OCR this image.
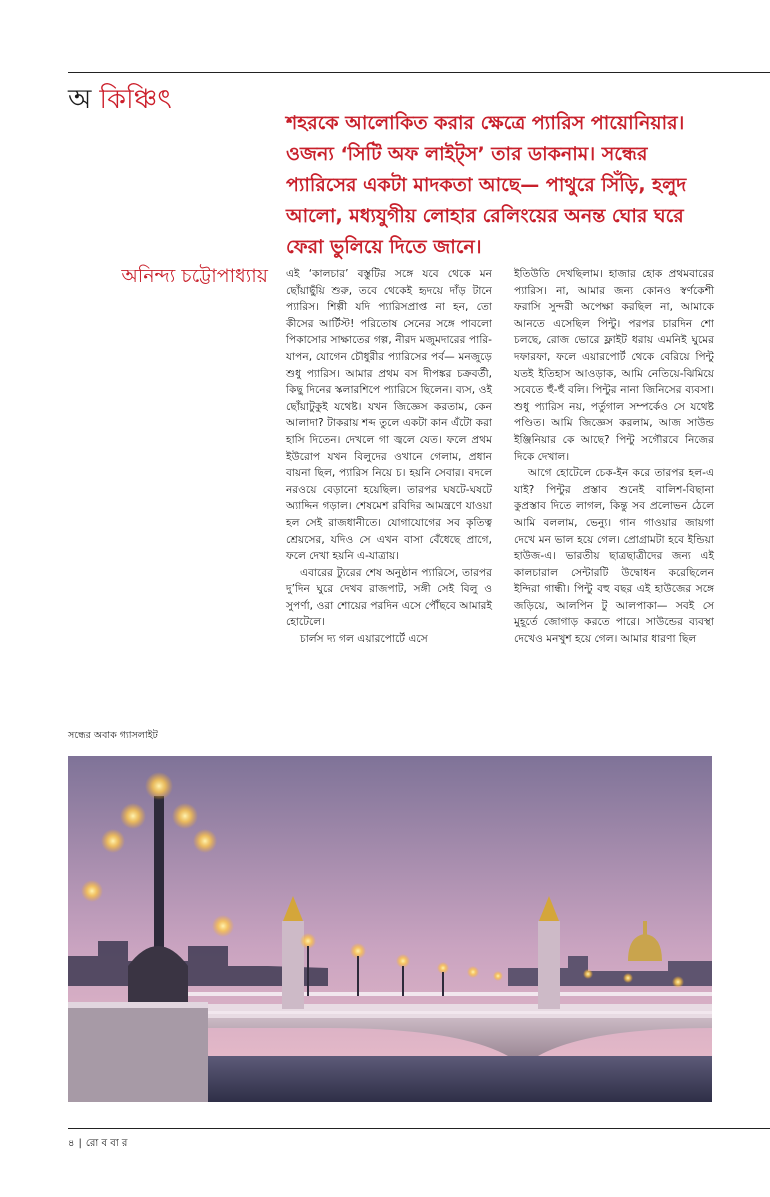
অ কিঞ্চিৎ

শহরকে আলোকিত করার ক্ষেত্রে প্যারিস পায়োনিয়ার। ওজন্য ‘সিটি অফ লাইট্‌স’ তার ডাকনাম। সন্ধের প্যারিসের একটা মাদকতা আছে— পাথুরে সিঁড়ি, হলুদ আলো, মধ্যযুগীয় লোহার রেলিংয়ের অনন্ত ঘোর ঘরে ফেরা ভুলিয়ে দিতে জানে।

অনিন্দ্য চট্টোপাধ্যায় এই ‘কালচার’ বস্তুটির সঙ্গে যবে থেকে মন ছোঁয়াছুঁয়ি শুরু, তবে থেকেই হৃদয়ে দাঁড় টানে প্যারিস। শিল্পী যদি প্যারিসপ্রাপ্ত না হন, তো কীসের আর্টিস্ট! পরিতোষ সেনের সঙ্গে পাবলো পিকাসোর সাক্ষাতের গল্প, নীরদ মজুমদারের পারি-যাপন, যোগেন চৌধুরীর প্যারিসের পর্ব— মনজুড়ে শুধু প্যারিস। আমার প্রথম বস দীপঙ্কর চক্রবর্তী, কিছু দিনের স্কলারশিপে প্যারিসে ছিলেন। ব্যস, ওই ছোঁয়াটুকুই যথেষ্ট। যখন জিজ্ঞেস করতাম, কেন আলাদা? টাকরায় শব্দ তুলে একটা কান এঁটো করা হাসি দিতেন। দেখলে গা জ্বলে যেত। ফলে প্রথম ইউরোপ যখন বিলুদের ওখানে গেলাম, প্রধান বায়না ছিল, প্যারিস নিয়ে চ। হয়নি সেবার। বদলে নরওয়ে বেড়ানো হয়েছিল। তারপর ঘষটে-ঘষটে অ্যাদ্দিন গড়াল। শেষমেশ রবিদির আমন্ত্রণে যাওয়া হল সেই রাজধানীতে। যোগাযোগের সব কৃতিত্ব শ্রেয়সের, যদিও সে এখন বাসা বেঁধেছে প্রাগে, ফলে দেখা হয়নি এ-যাত্রায়।

এবারের ট্যুরের শেষ অনুষ্ঠান প্যারিসে, তারপর দু’দিন ঘুরে দেখব রাজপাট, সঙ্গী সেই বিলু ও সুপর্ণা, ওরা শোয়ের পরদিন এসে পৌঁছবে আমারই হোটেলে।

চার্লস দ্য গল এয়ারপোর্টে এসে

ইতিউতি দেখছিলাম। হাজার হোক প্রথমবারের প্যারিস। না, আমার জন্য কোনও স্বর্ণকেশী ফরাসি সুন্দরী অপেক্ষা করছিল না, আমাকে আনতে এসেছিল পিন্টু। পরপর চারদিন শো চলছে, রোজ ভোরে ফ্লাইট ধরায় এমনিই ঘুমের দফারফা, ফলে এয়ারপোর্ট থেকে বেরিয়ে পিন্টু যতই ইতিহাস আওড়াক, আমি নেতিয়ে-ঝিমিয়ে সবেতে হুঁ-হুঁ বলি। পিন্টুর নানা জিনিসের ব্যবসা। শুধু প্যারিস নয়, পর্তুগাল সম্পর্কেও সে যথেষ্ট পণ্ডিত। আমি জিজ্ঞেস করলাম, আজ সাউন্ড ইঞ্জিনিয়ার কে আছে? পিন্টু সগৌরবে নিজের দিকে দেখাল।

আগে হোটেলে চেক-ইন করে তারপর হল-এ যাই? পিন্টুর প্রস্তাব শুনেই বালিশ-বিছানা কুপ্রস্তাব দিতে লাগল, কিন্তু সব প্রলোভন ঠেলে আমি বললাম, ভেন্যু। গান গাওয়ার জায়গা দেখে মন ভাল হয়ে গেল। প্রোগ্রামটা হবে ইন্ডিয়া হাউজ-এ। ভারতীয় ছাত্রছাত্রীদের জন্য এই কালচারাল সেন্টারটি উদ্বোধন করেছিলেন ইন্দিরা গান্ধী। পিন্টু বহু বছর এই হাউজের সঙ্গে জড়িয়ে, আলপিন টু আলপাকা— সবই সে মুহূর্তে জোগাড় করতে পারে। সাউন্ডের ব্যবস্থা দেখেও মনখুশ হয়ে গেল। আমার ধারণা ছিল

সন্ধের অবাক গ্যাসলাইট
৪ | রো ব বা র
